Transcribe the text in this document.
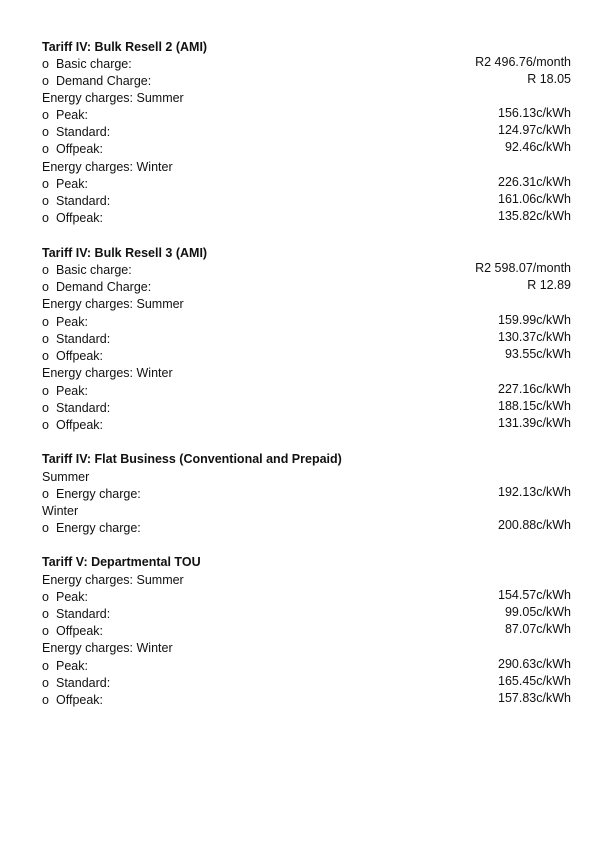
Tariff IV: Bulk Resell 2 (AMI)
o Basic charge:	R2 496.76/month
o Demand Charge:	R 18.05
Energy charges: Summer
o Peak:	156.13c/kWh
o Standard:	124.97c/kWh
o Offpeak:	92.46c/kWh
Energy charges: Winter
o Peak:	226.31c/kWh
o Standard:	161.06c/kWh
o Offpeak:	135.82c/kWh
Tariff IV: Bulk Resell 3 (AMI)
o Basic charge:	R2 598.07/month
o Demand Charge:	R 12.89
Energy charges: Summer
o Peak:	159.99c/kWh
o Standard:	130.37c/kWh
o Offpeak:	93.55c/kWh
Energy charges: Winter
o Peak:	227.16c/kWh
o Standard:	188.15c/kWh
o Offpeak:	131.39c/kWh
Tariff IV: Flat Business (Conventional and Prepaid)
Summer
o Energy charge:	192.13c/kWh
Winter
o Energy charge:	200.88c/kWh
Tariff V: Departmental TOU
Energy charges: Summer
o Peak:	154.57c/kWh
o Standard:	99.05c/kWh
o Offpeak:	87.07c/kWh
Energy charges: Winter
o Peak:	290.63c/kWh
o Standard:	165.45c/kWh
o Offpeak:	157.83c/kWh
